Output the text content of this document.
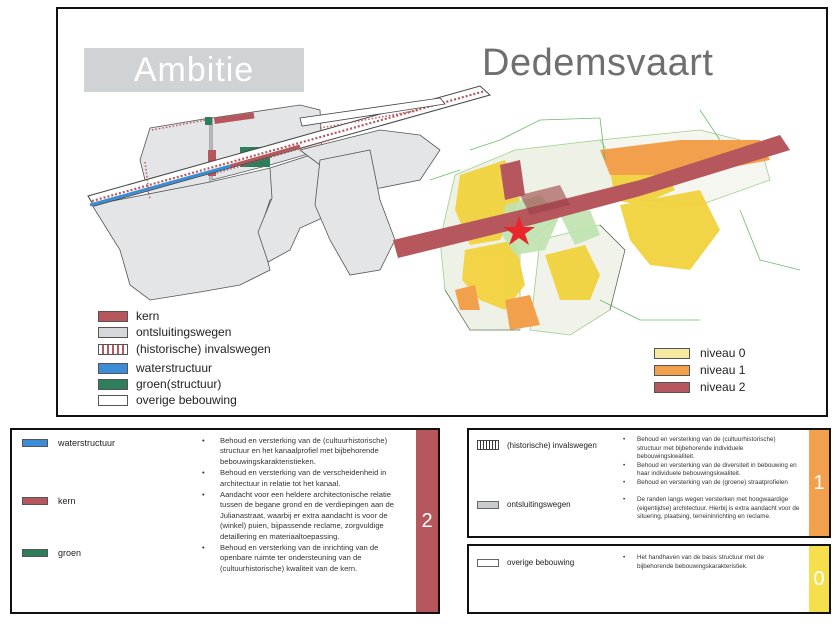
Ambitie	Dedemsvaart
kern
ontsluitingswegen
(historische) invalswegen
waterstructuur
groen(structuur)
overige bebouwing
niveau 0
niveau 1
niveau 2
waterstructuur
kern
groen
• Behoud en versterking van de (cultuurhistorische) structuur en het kanaalprofiel met bijbehorende bebouwingskarakteristieken.
• Behoud en versterking van de verscheidenheid in architectuur in relatie tot het kanaal.
• Aandacht voor een heldere architectonische relatie tussen de begane grond en de verdiepingen aan de Julianastraat, waarbij er extra aandacht is voor de (winkel) puien, bijpassende reclame, zorgvuldige detaillering en materiaaltoepassing.
• Behoud en versterking van de inrichting van de openbare ruimte ter ondersteuning van de (cultuurhistorische) kwaliteit van de kern.
2
(historische) invalswegen
ontsluitingswegen
• Behoud en versterking van de (cultuurhistorische) structuur met bijbehorende individuele bebouwingskwaliteit.
• Behoud en versterking van de diversiteit in bebouwing en haar individuele bebouwingskwaliteit.
• Behoud en versterking van de (groene) straatprofielen
• De randen langs wegen versterken met hoogwaardige (eigentijdse) architectuur. Hierbij is extra aandacht voor de situering, plaatsing, terreininrichting en reclame.
1
overige bebouwing
• Het handhaven van de basis structuur met de bijbehorende bebouwingskarakteristiek.
0
